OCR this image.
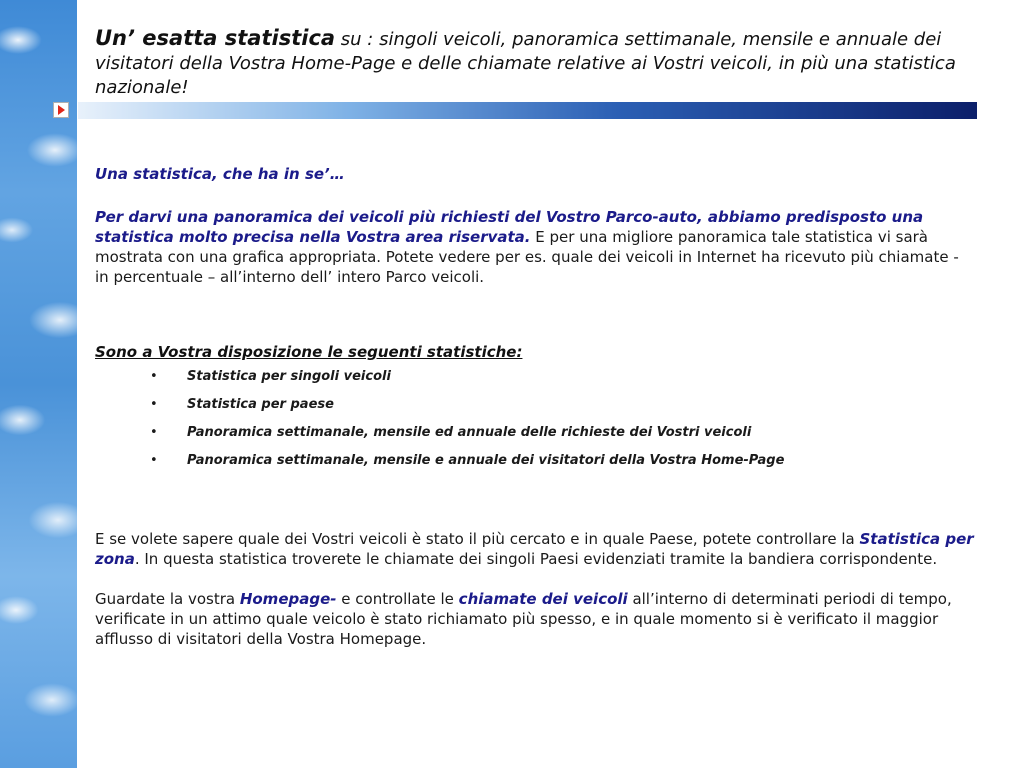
Un’ esatta statistica su : singoli veicoli, panoramica settimanale, mensile e annuale dei visitatori della Vostra Home-Page e delle chiamate relative ai Vostri veicoli, in più una statistica nazionale!

Una statistica, che ha in se’…

Per darvi una panoramica dei veicoli più richiesti del Vostro Parco-auto, abbiamo predisposto una statistica molto precisa nella Vostra area riservata. E per una migliore panoramica tale statistica vi sarà mostrata con una grafica appropriata. Potete vedere per es. quale dei veicoli in Internet ha ricevuto più chiamate - in percentuale – all’interno dell’ intero Parco veicoli.

Sono a Vostra disposizione le seguenti statistiche:

• Statistica per singoli veicoli
• Statistica per paese
• Panoramica settimanale, mensile ed annuale delle richieste dei Vostri veicoli
• Panoramica settimanale, mensile e annuale dei visitatori della Vostra Home-Page

E se volete sapere quale dei Vostri veicoli è stato il più cercato e in quale Paese, potete controllare la Statistica per zona. In questa statistica troverete le chiamate dei singoli Paesi evidenziati tramite la bandiera corrispondente.

Guardate la vostra Homepage- e controllate le chiamate dei veicoli all’interno di determinati periodi di tempo, verificate in un attimo quale veicolo è stato richiamato più spesso, e in quale momento si è verificato il maggior afflusso di visitatori della Vostra Homepage.
